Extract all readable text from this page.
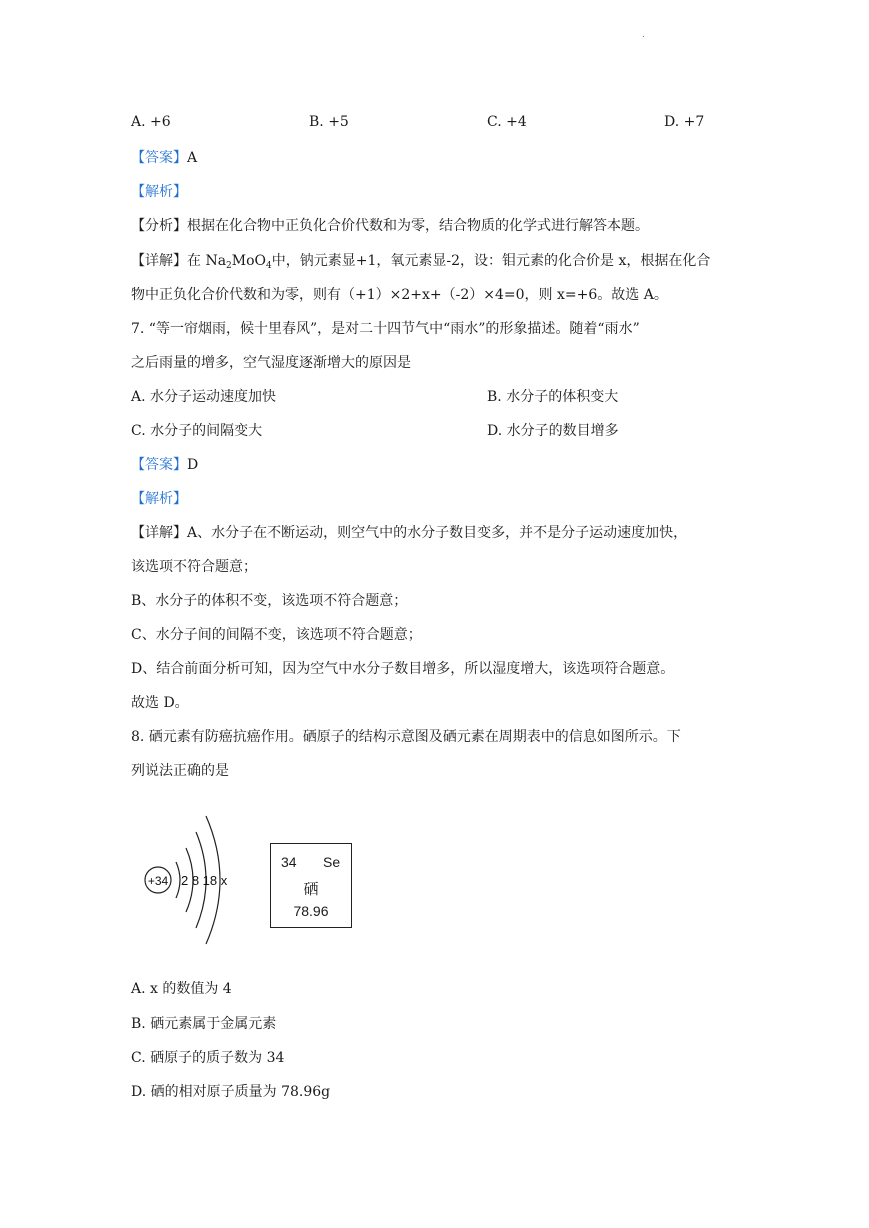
.
A. +6	B. +5	C. +4	D. +7
【答案】A
【解析】
【分析】根据在化合物中正负化合价代数和为零，结合物质的化学式进行解答本题。
【详解】在 $Na_2MoO_4$中，钠元素显+1，氧元素显-2，设：钼元素的化合价是 x，根据在化合
物中正负化合价代数和为零，则有（+1）×2+x+（-2）×4=0，则 x=+6。故选 A。
7. “等一帘烟雨，候十里春风”，是对二十四节气中“雨水”的形象描述。随着“雨水”
之后雨量的增多，空气湿度逐渐增大的原因是
A. 水分子运动速度加快	B. 水分子的体积变大
C. 水分子的间隔变大	D. 水分子的数目增多
【答案】D
【解析】
【详解】A、水分子在不断运动，则空气中的水分子数目变多，并不是分子运动速度加快，
该选项不符合题意；
B、水分子的体积不变，该选项不符合题意；
C、水分子间的间隔不变，该选项不符合题意；
D、结合前面分析可知，因为空气中水分子数目增多，所以湿度增大，该选项符合题意。
故选 D。
8. 硒元素有防癌抗癌作用。硒原子的结构示意图及硒元素在周期表中的信息如图所示。下
列说法正确的是
+34 2 8 18 x
34 Se
硒
78.96
A. x 的数值为 4
B. 硒元素属于金属元素
C. 硒原子的质子数为 34
D. 硒的相对原子质量为 78.96g
